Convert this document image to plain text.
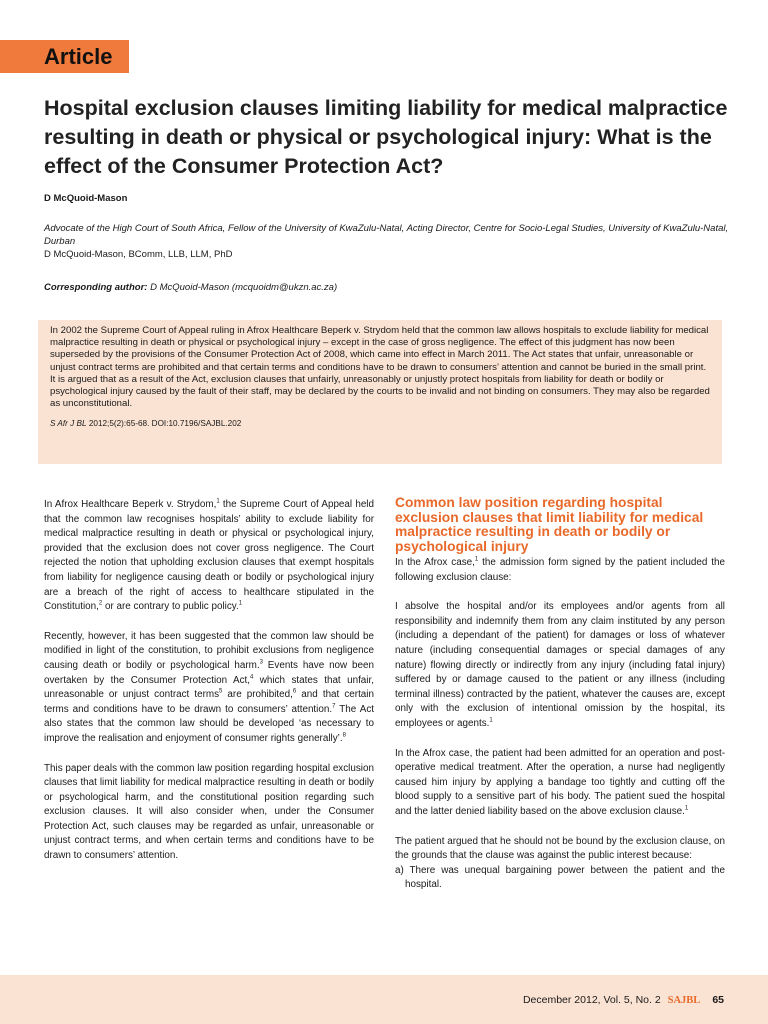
Article
Hospital exclusion clauses limiting liability for medical malpractice resulting in death or physical or psychological injury: What is the effect of the Consumer Protection Act?
D McQuoid-Mason
Advocate of the High Court of South Africa, Fellow of the University of KwaZulu-Natal, Acting Director, Centre for Socio-Legal Studies, University of KwaZulu-Natal, Durban
D McQuoid-Mason, BComm, LLB, LLM, PhD
Corresponding author: D McQuoid-Mason (mcquoidm@ukzn.ac.za)

In 2002 the Supreme Court of Appeal ruling in Afrox Healthcare Beperk v. Strydom held that the common law allows hospitals to exclude liability for medical malpractice resulting in death or physical or psychological injury – except in the case of gross negligence. The effect of this judgment has now been superseded by the provisions of the Consumer Protection Act of 2008, which came into effect in March 2011. The Act states that unfair, unreasonable or unjust contract terms are prohibited and that certain terms and conditions have to be drawn to consumers’ attention and cannot be buried in the small print.

It is argued that as a result of the Act, exclusion clauses that unfairly, unreasonably or unjustly protect hospitals from liability for death or bodily or psychological injury caused by the fault of their staff, may be declared by the courts to be invalid and not binding on consumers. They may also be regarded as unconstitutional.

S Afr J BL 2012;5(2):65-68. DOI:10.7196/SAJBL.202

In Afrox Healthcare Beperk v. Strydom,$^1$ the Supreme Court of Appeal held that the common law recognises hospitals’ ability to exclude liability for medical malpractice resulting in death or physical or psychological injury, provided that the exclusion does not cover gross negligence. The Court rejected the notion that upholding exclusion clauses that exempt hospitals from liability for negligence causing death or bodily or psychological injury are a breach of the right of access to healthcare stipulated in the Constitution,$^2$ or are contrary to public policy.$^1$

Recently, however, it has been suggested that the common law should be modified in light of the constitution, to prohibit exclusions from negligence causing death or bodily or psychological harm.$^3$ Events have now been overtaken by the Consumer Protection Act,$^4$ which states that unfair, unreasonable or unjust contract terms$^5$ are prohibited,$^6$ and that certain terms and conditions have to be drawn to consumers’ attention.$^7$ The Act also states that the common law should be developed ‘as necessary to improve the realisation and enjoyment of consumer rights generally’.$^8$

This paper deals with the common law position regarding hospital exclusion clauses that limit liability for medical malpractice resulting in death or bodily or psychological harm, and the constitutional position regarding such exclusion clauses. It will also consider when, under the Consumer Protection Act, such clauses may be regarded as unfair, unreasonable or unjust contract terms, and when certain terms and conditions have to be drawn to consumers’ attention.

Common law position regarding hospital exclusion clauses that limit liability for medical malpractice resulting in death or bodily or psychological injury

In the Afrox case,$^1$ the admission form signed by the patient included the following exclusion clause:

I absolve the hospital and/or its employees and/or agents from all responsibility and indemnify them from any claim instituted by any person (including a dependant of the patient) for damages or loss of whatever nature (including consequential damages or special damages of any nature) flowing directly or indirectly from any injury (including fatal injury) suffered by or damage caused to the patient or any illness (including terminal illness) contracted by the patient, whatever the causes are, except only with the exclusion of intentional omission by the hospital, its employees or agents.$^1$

In the Afrox case, the patient had been admitted for an operation and post-operative medical treatment. After the operation, a nurse had negligently caused him injury by applying a bandage too tightly and cutting off the blood supply to a sensitive part of his body. The patient sued the hospital and the latter denied liability based on the above exclusion clause.$^1$

The patient argued that he should not be bound by the exclusion clause, on the grounds that the clause was against the public interest because:

a) There was unequal bargaining power between the patient and the hospital.
December 2012, Vol. 5, No. 2 SAJBL 65
